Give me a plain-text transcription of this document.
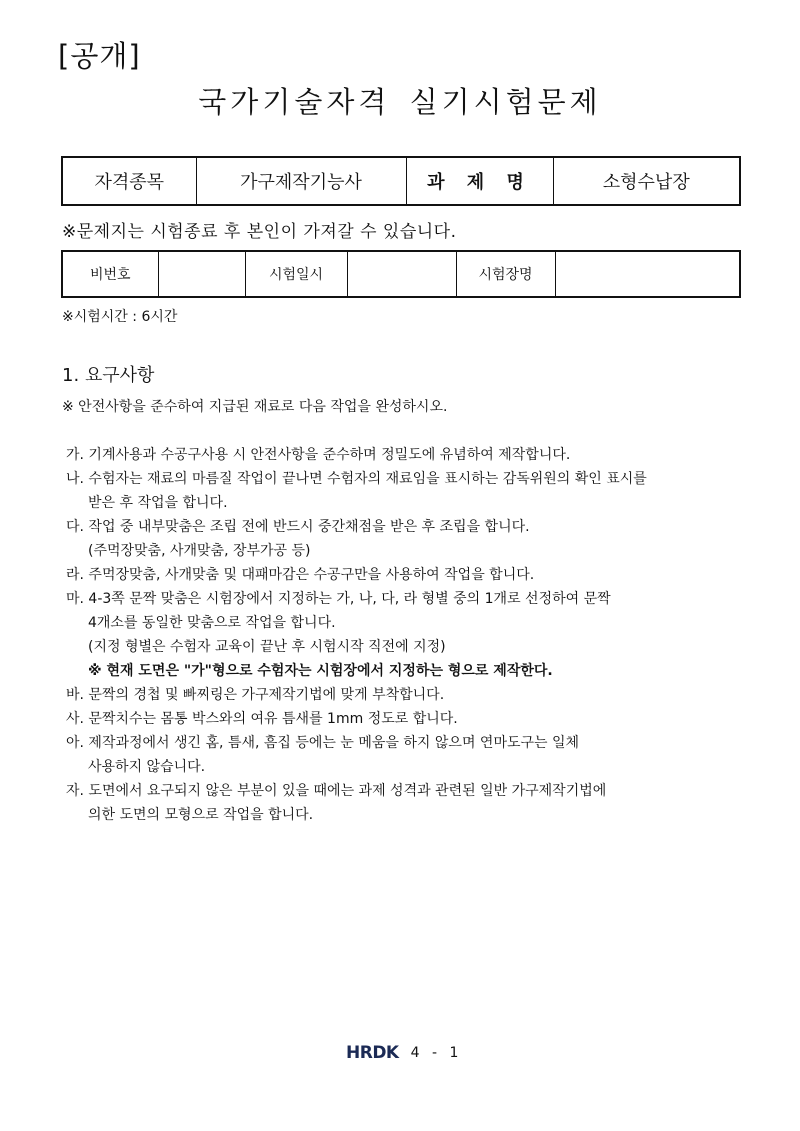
[공개]
국가기술자격 실기시험문제
자격종목	가구제작기능사	과 제 명	소형수납장
※문제지는 시험종료 후 본인이 가져갈 수 있습니다.
비번호		시험일시		시험장명	
※시험시간 : 6시간
1. 요구사항
※ 안전사항을 준수하여 지급된 재료로 다음 작업을 완성하시오.
가. 기계사용과 수공구사용 시 안전사항을 준수하며 정밀도에 유념하여 제작합니다.
나. 수험자는 재료의 마름질 작업이 끝나면 수험자의 재료임을 표시하는 감독위원의 확인 표시를
받은 후 작업을 합니다.
다. 작업 중 내부맞춤은 조립 전에 반드시 중간채점을 받은 후 조립을 합니다.
(주먹장맞춤, 사개맞춤, 장부가공 등)
라. 주먹장맞춤, 사개맞춤 및 대패마감은 수공구만을 사용하여 작업을 합니다.
마. 4-3쪽 문짝 맞춤은 시험장에서 지정하는 가, 나, 다, 라 형별 중의 1개로 선정하여 문짝
4개소를 동일한 맞춤으로 작업을 합니다.
(지정 형별은 수험자 교육이 끝난 후 시험시작 직전에 지정)
※ 현재 도면은 "가"형으로 수험자는 시험장에서 지정하는 형으로 제작한다.
바. 문짝의 경첩 및 빠찌링은 가구제작기법에 맞게 부착합니다.
사. 문짝치수는 몸통 박스와의 여유 틈새를 1mm 정도로 합니다.
아. 제작과정에서 생긴 홈, 틈새, 흠집 등에는 눈 메움을 하지 않으며 연마도구는 일체
사용하지 않습니다.
자. 도면에서 요구되지 않은 부분이 있을 때에는 과제 성격과 관련된 일반 가구제작기법에
의한 도면의 모형으로 작업을 합니다.
HRDK 4 - 1
